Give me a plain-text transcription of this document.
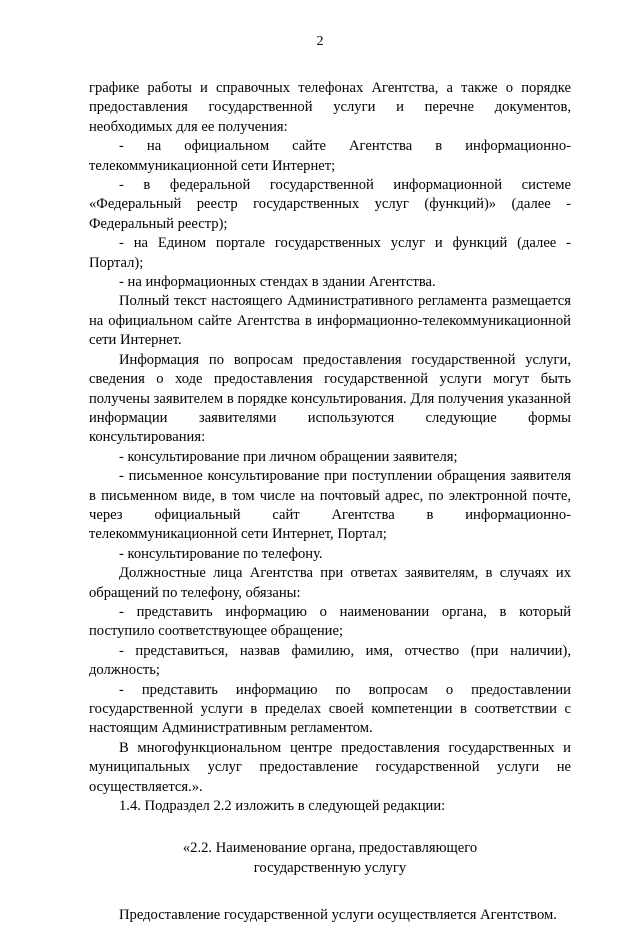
2

графике работы и справочных телефонах Агентства, а также о порядке предоставления государственной услуги и перечне документов, необходимых для ее получения:

- на официальном сайте Агентства в информационно-телекоммуникационной сети Интернет;

- в федеральной государственной информационной системе «Федеральный реестр государственных услуг (функций)» (далее - Федеральный реестр);

- на Едином портале государственных услуг и функций (далее - Портал);

- на информационных стендах в здании Агентства.

Полный текст настоящего Административного регламента размещается на официальном сайте Агентства в информационно-телекоммуникационной сети Интернет.

Информация по вопросам предоставления государственной услуги, сведения о ходе предоставления государственной услуги могут быть получены заявителем в порядке консультирования. Для получения указанной информации заявителями используются следующие формы консультирования:

- консультирование при личном обращении заявителя;

- письменное консультирование при поступлении обращения заявителя в письменном виде, в том числе на почтовый адрес, по электронной почте, через официальный сайт Агентства в информационно-телекоммуникационной сети Интернет, Портал;

- консультирование по телефону.

Должностные лица Агентства при ответах заявителям, в случаях их обращений по телефону, обязаны:

- представить информацию о наименовании органа, в который поступило соответствующее обращение;

- представиться, назвав фамилию, имя, отчество (при наличии), должность;

- представить информацию по вопросам о предоставлении государственной услуги в пределах своей компетенции в соответствии с настоящим Административным регламентом.

В многофункциональном центре предоставления государственных и муниципальных услуг предоставление государственной услуги не осуществляется.».

1.4. Подраздел 2.2 изложить в следующей редакции:

«2.2. Наименование органа, предоставляющего
государственную услугу

Предоставление государственной услуги осуществляется Агентством.
